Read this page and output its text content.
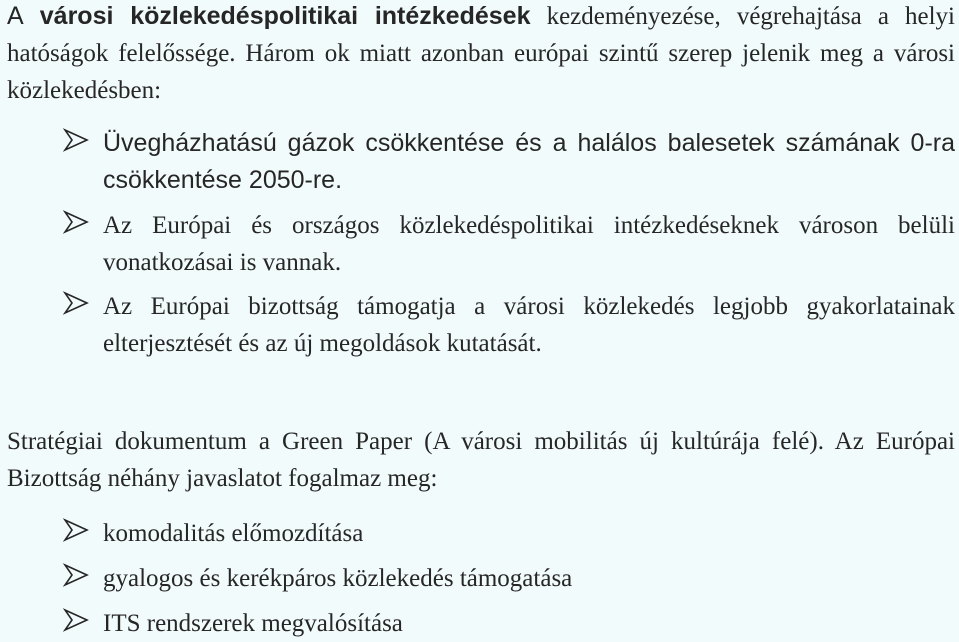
A városi közlekedéspolitikai intézkedések kezdeményezése, végrehajtása a helyi hatóságok felelőssége. Három ok miatt azonban európai szintű szerep jelenik meg a városi közlekedésben:

Üvegházhatású gázok csökkentése és a halálos balesetek számának 0-ra csökkentése 2050-re.
Az Európai és országos közlekedéspolitikai intézkedéseknek városon belüli vonatkozásai is vannak.
Az Európai bizottság támogatja a városi közlekedés legjobb gyakorlatainak elterjesztését és az új megoldások kutatását.

Stratégiai dokumentum a Green Paper (A városi mobilitás új kultúrája felé). Az Európai Bizottság néhány javaslatot fogalmaz meg:

komodalitás előmozdítása
gyalogos és kerékpáros közlekedés támogatása
ITS rendszerek megvalósítása
